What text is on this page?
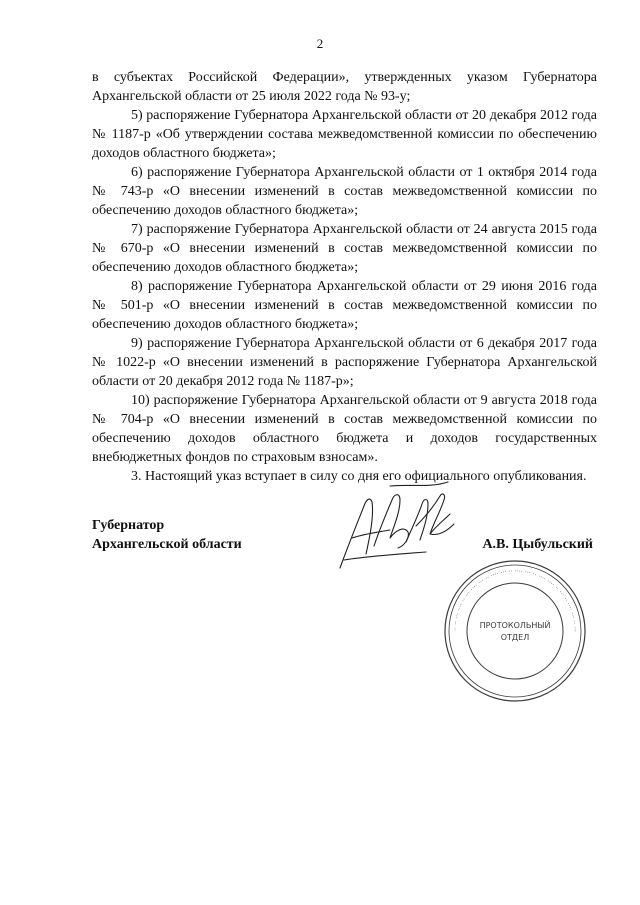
2

в субъектах Российской Федерации», утвержденных указом Губернатора Архангельской области от 25 июля 2022 года № 93-у;

5) распоряжение Губернатора Архангельской области от 20 декабря 2012 года № 1187-р «Об утверждении состава межведомственной комиссии по обеспечению доходов областного бюджета»;

6) распоряжение Губернатора Архангельской области от 1 октября 2014 года № 743-р «О внесении изменений в состав межведомственной комиссии по обеспечению доходов областного бюджета»;

7) распоряжение Губернатора Архангельской области от 24 августа 2015 года № 670-р «О внесении изменений в состав межведомственной комиссии по обеспечению доходов областного бюджета»;

8) распоряжение Губернатора Архангельской области от 29 июня 2016 года № 501-р «О внесении изменений в состав межведомственной комиссии по обеспечению доходов областного бюджета»;

9) распоряжение Губернатора Архангельской области от 6 декабря 2017 года № 1022-р «О внесении изменений в распоряжение Губернатора Архангельской области от 20 декабря 2012 года № 1187-р»;

10) распоряжение Губернатора Архангельской области от 9 августа 2018 года № 704-р «О внесении изменений в состав межведомственной комиссии по обеспечению доходов областного бюджета и доходов государственных внебюджетных фондов по страховым взносам».

3. Настоящий указ вступает в силу со дня его официального опубликования.

Губернатор
Архангельской области	А.В. Цыбульский
·· ·· ··· ···· ·· ··· ···· ··· ·· ···· ··· ·· ···· ··· ·· ···· ···· ·· ··· ·· ···· ··· ·· ···
ПРОТОКОЛЬНЫЙ
ОТДЕЛ
